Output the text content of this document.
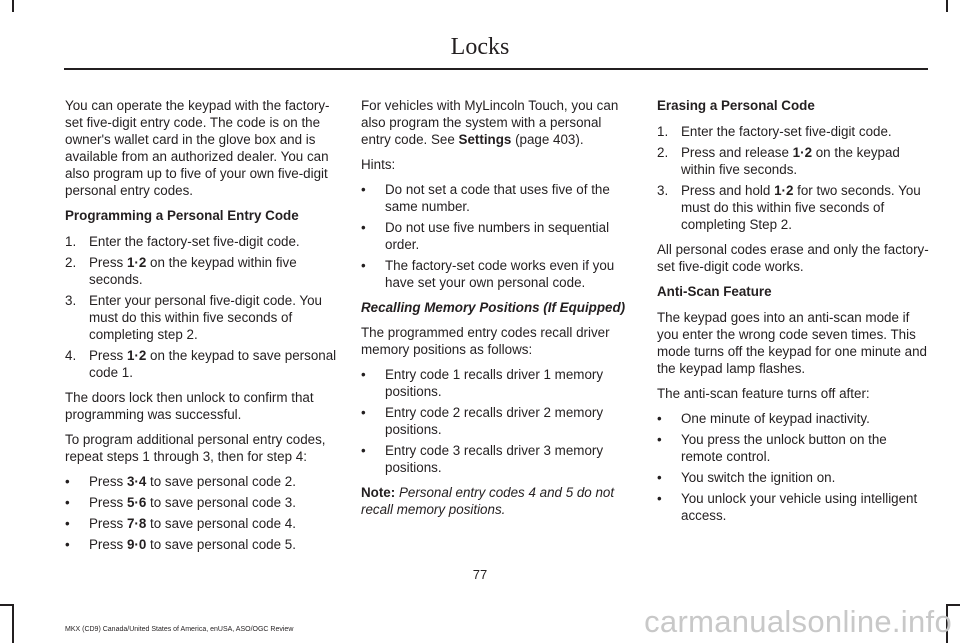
Locks

You can operate the keypad with the factory-set five-digit entry code. The code is on the owner's wallet card in the glove box and is available from an authorized dealer. You can also program up to five of your own five-digit personal entry codes.

Programming a Personal Entry Code

1. Enter the factory-set five-digit code.
2. Press 1·2 on the keypad within five seconds.
3. Enter your personal five-digit code. You must do this within five seconds of completing step 2.
4. Press 1·2 on the keypad to save personal code 1.

The doors lock then unlock to confirm that programming was successful.

To program additional personal entry codes, repeat steps 1 through 3, then for step 4:

• Press 3·4 to save personal code 2.
• Press 5·6 to save personal code 3.
• Press 7·8 to save personal code 4.
• Press 9·0 to save personal code 5.

For vehicles with MyLincoln Touch, you can also program the system with a personal entry code. See Settings (page 403).

Hints:

• Do not set a code that uses five of the same number.
• Do not use five numbers in sequential order.
• The factory-set code works even if you have set your own personal code.

Recalling Memory Positions (If Equipped)

The programmed entry codes recall driver memory positions as follows:

• Entry code 1 recalls driver 1 memory positions.
• Entry code 2 recalls driver 2 memory positions.
• Entry code 3 recalls driver 3 memory positions.

Note: Personal entry codes 4 and 5 do not recall memory positions.

Erasing a Personal Code

1. Enter the factory-set five-digit code.
2. Press and release 1·2 on the keypad within five seconds.
3. Press and hold 1·2 for two seconds. You must do this within five seconds of completing Step 2.

All personal codes erase and only the factory-set five-digit code works.

Anti-Scan Feature

The keypad goes into an anti-scan mode if you enter the wrong code seven times. This mode turns off the keypad for one minute and the keypad lamp flashes.

The anti-scan feature turns off after:

• One minute of keypad inactivity.
• You press the unlock button on the remote control.
• You switch the ignition on.
• You unlock your vehicle using intelligent access.
77
MKX (CD9) Canada/United States of America, enUSA, ASO/OGC Review	carmanualsonline.info
